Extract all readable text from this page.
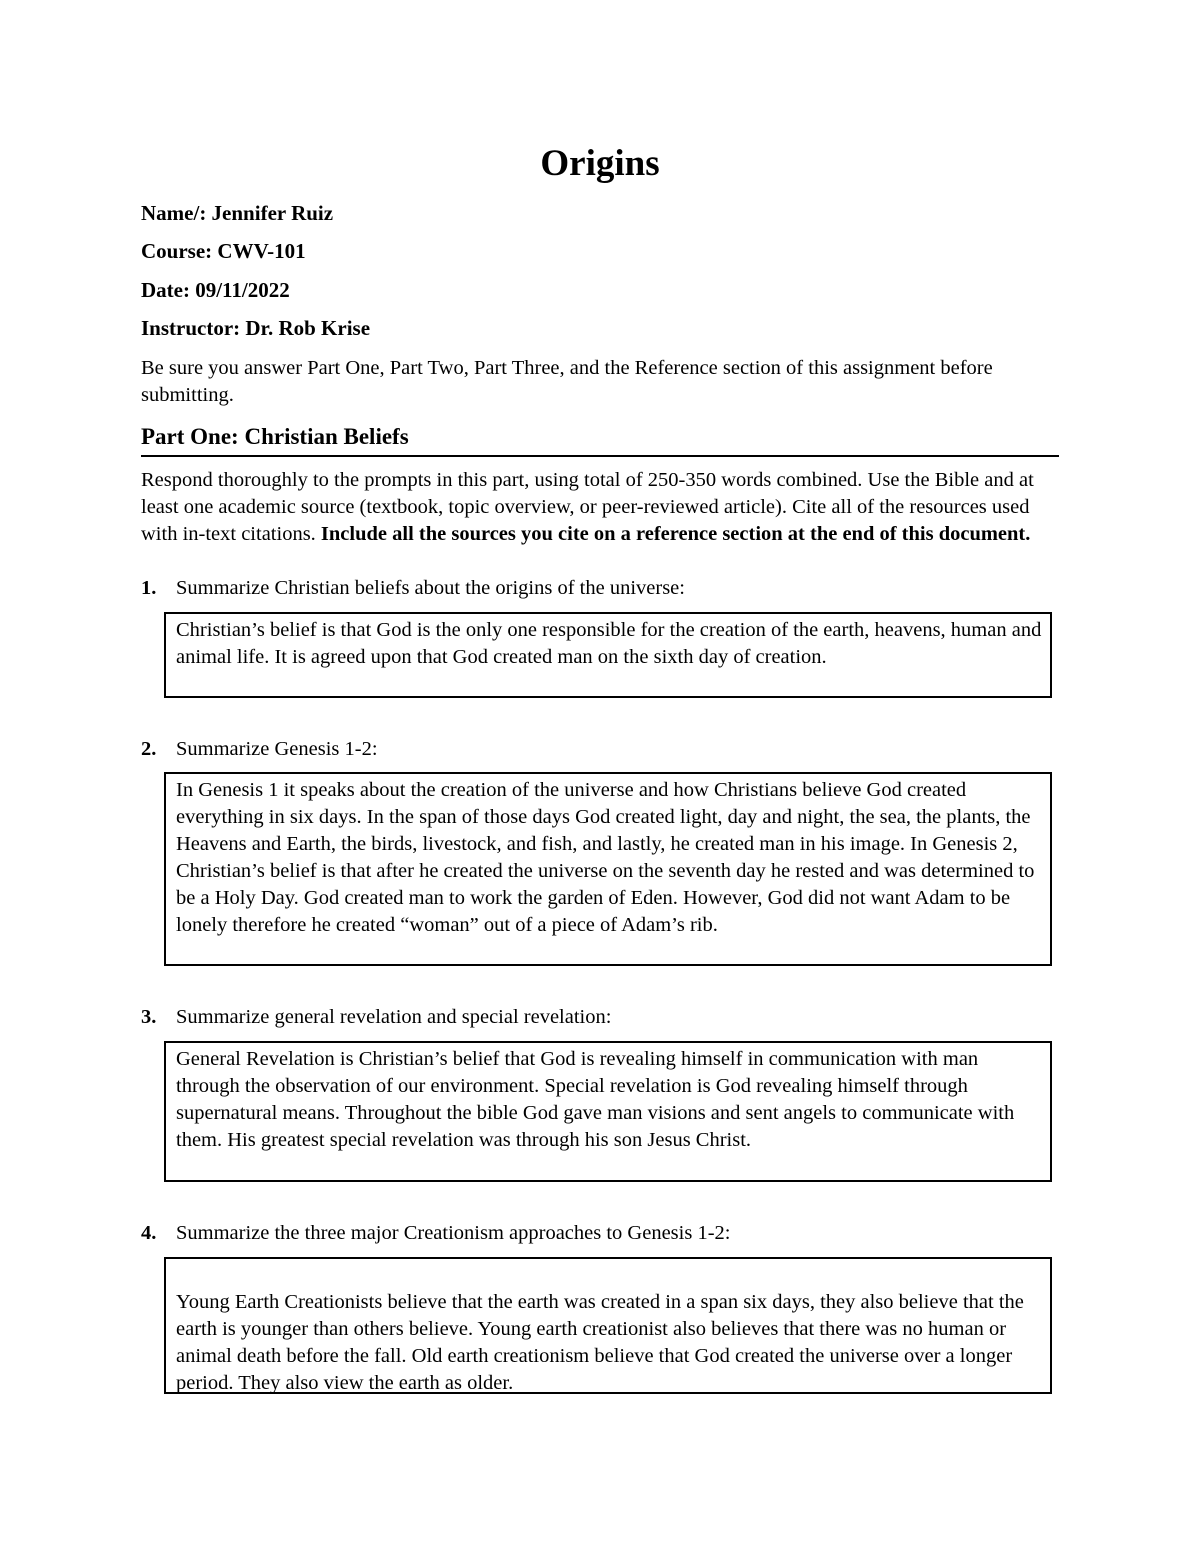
Origins
Name/: Jennifer Ruiz
Course: CWV-101
Date: 09/11/2022
Instructor: Dr. Rob Krise
Be sure you answer Part One, Part Two, Part Three, and the Reference section of this assignment before submitting.
Part One: Christian Beliefs
Respond thoroughly to the prompts in this part, using total of 250-350 words combined. Use the Bible and at least one academic source (textbook, topic overview, or peer-reviewed article). Cite all of the resources used with in-text citations. Include all the sources you cite on a reference section at the end of this document.
1. Summarize Christian beliefs about the origins of the universe:
Christian’s belief is that God is the only one responsible for the creation of the earth, heavens, human and animal life. It is agreed upon that God created man on the sixth day of creation.
2. Summarize Genesis 1-2:
In Genesis 1 it speaks about the creation of the universe and how Christians believe God created everything in six days. In the span of those days God created light, day and night, the sea, the plants, the Heavens and Earth, the birds, livestock, and fish, and lastly, he created man in his image. In Genesis 2, Christian’s belief is that after he created the universe on the seventh day he rested and was determined to be a Holy Day. God created man to work the garden of Eden. However, God did not want Adam to be lonely therefore he created “woman” out of a piece of Adam’s rib.
3. Summarize general revelation and special revelation:
General Revelation is Christian’s belief that God is revealing himself in communication with man through the observation of our environment. Special revelation is God revealing himself through supernatural means. Throughout the bible God gave man visions and sent angels to communicate with them. His greatest special revelation was through his son Jesus Christ.
4. Summarize the three major Creationism approaches to Genesis 1-2:
Young Earth Creationists believe that the earth was created in a span six days, they also believe that the earth is younger than others believe. Young earth creationist also believes that there was no human or animal death before the fall. Old earth creationism believe that God created the universe over a longer period. They also view the earth as older.
